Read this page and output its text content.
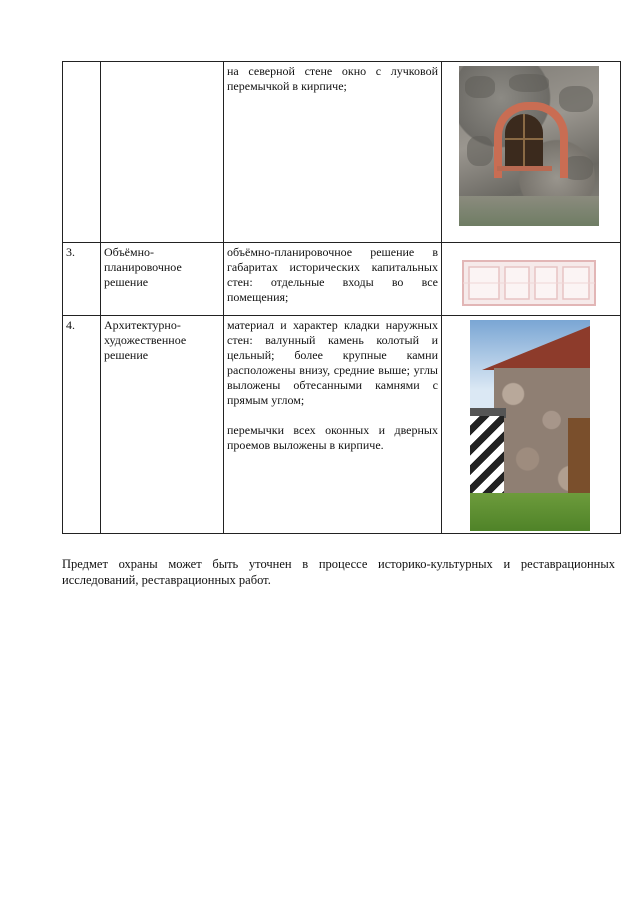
		на северной стене окно с лучковой перемычкой в кирпиче;	

3.	Объёмно-планировочное решение	объёмно-планировочное решение в габаритах исторических капитальных стен: отдельные входы во все помещения;

4.	Архитектурно-художественное решение	материал и характер кладки наружных стен: валунный камень колотый и цельный; более крупные камни расположены внизу, средние выше; углы выложены обтесанными камнями с прямым углом;

перемычки всех оконных и дверных проемов выложены в кирпиче.	

Предмет охраны может быть уточнен в процессе историко-культурных и реставрационных исследований, реставрационных работ.
